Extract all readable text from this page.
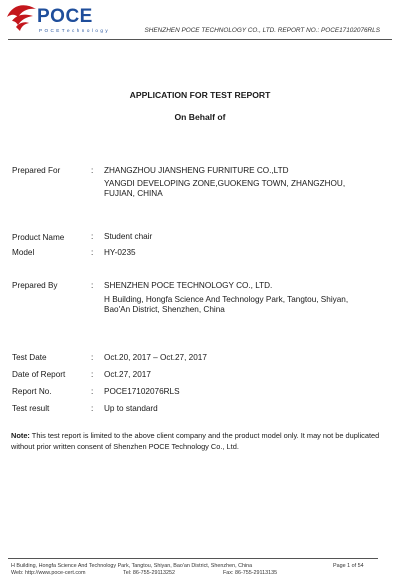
POCE
P O C E T e c h n o l o g y	SHENZHEN POCE TECHNOLOGY CO., LTD. REPORT NO.: POCE17102076RLS
APPLICATION FOR TEST REPORT
On Behalf of
Prepared For	: ZHANGZHOU JIANSHENG FURNITURE CO.,LTD
YANGDI DEVELOPING ZONE,GUOKENG TOWN, ZHANGZHOU,
FUJIAN, CHINA
Product Name	: Student chair
Model	: HY-0235
Prepared By	: SHENZHEN POCE TECHNOLOGY CO., LTD.
H Building, Hongfa Science And Technology Park, Tangtou, Shiyan,
Bao'An District, Shenzhen, China
Test Date	: Oct.20, 2017 – Oct.27, 2017
Date of Report	: Oct.27, 2017
Report No.	: POCE17102076RLS
Test result	: Up to standard
Note: This test report is limited to the above client company and the product model only. It may not be duplicated without prior written consent of Shenzhen POCE Technology Co., Ltd.
H Building, Hongfa Science And Technology Park, Tangtou, Shiyan, Bao'an District, Shenzhen, China	Page 1 of 54
Web: http://www.poce-cert.com	Tel: 86-755-29113252	Fax: 86-755-29113135
